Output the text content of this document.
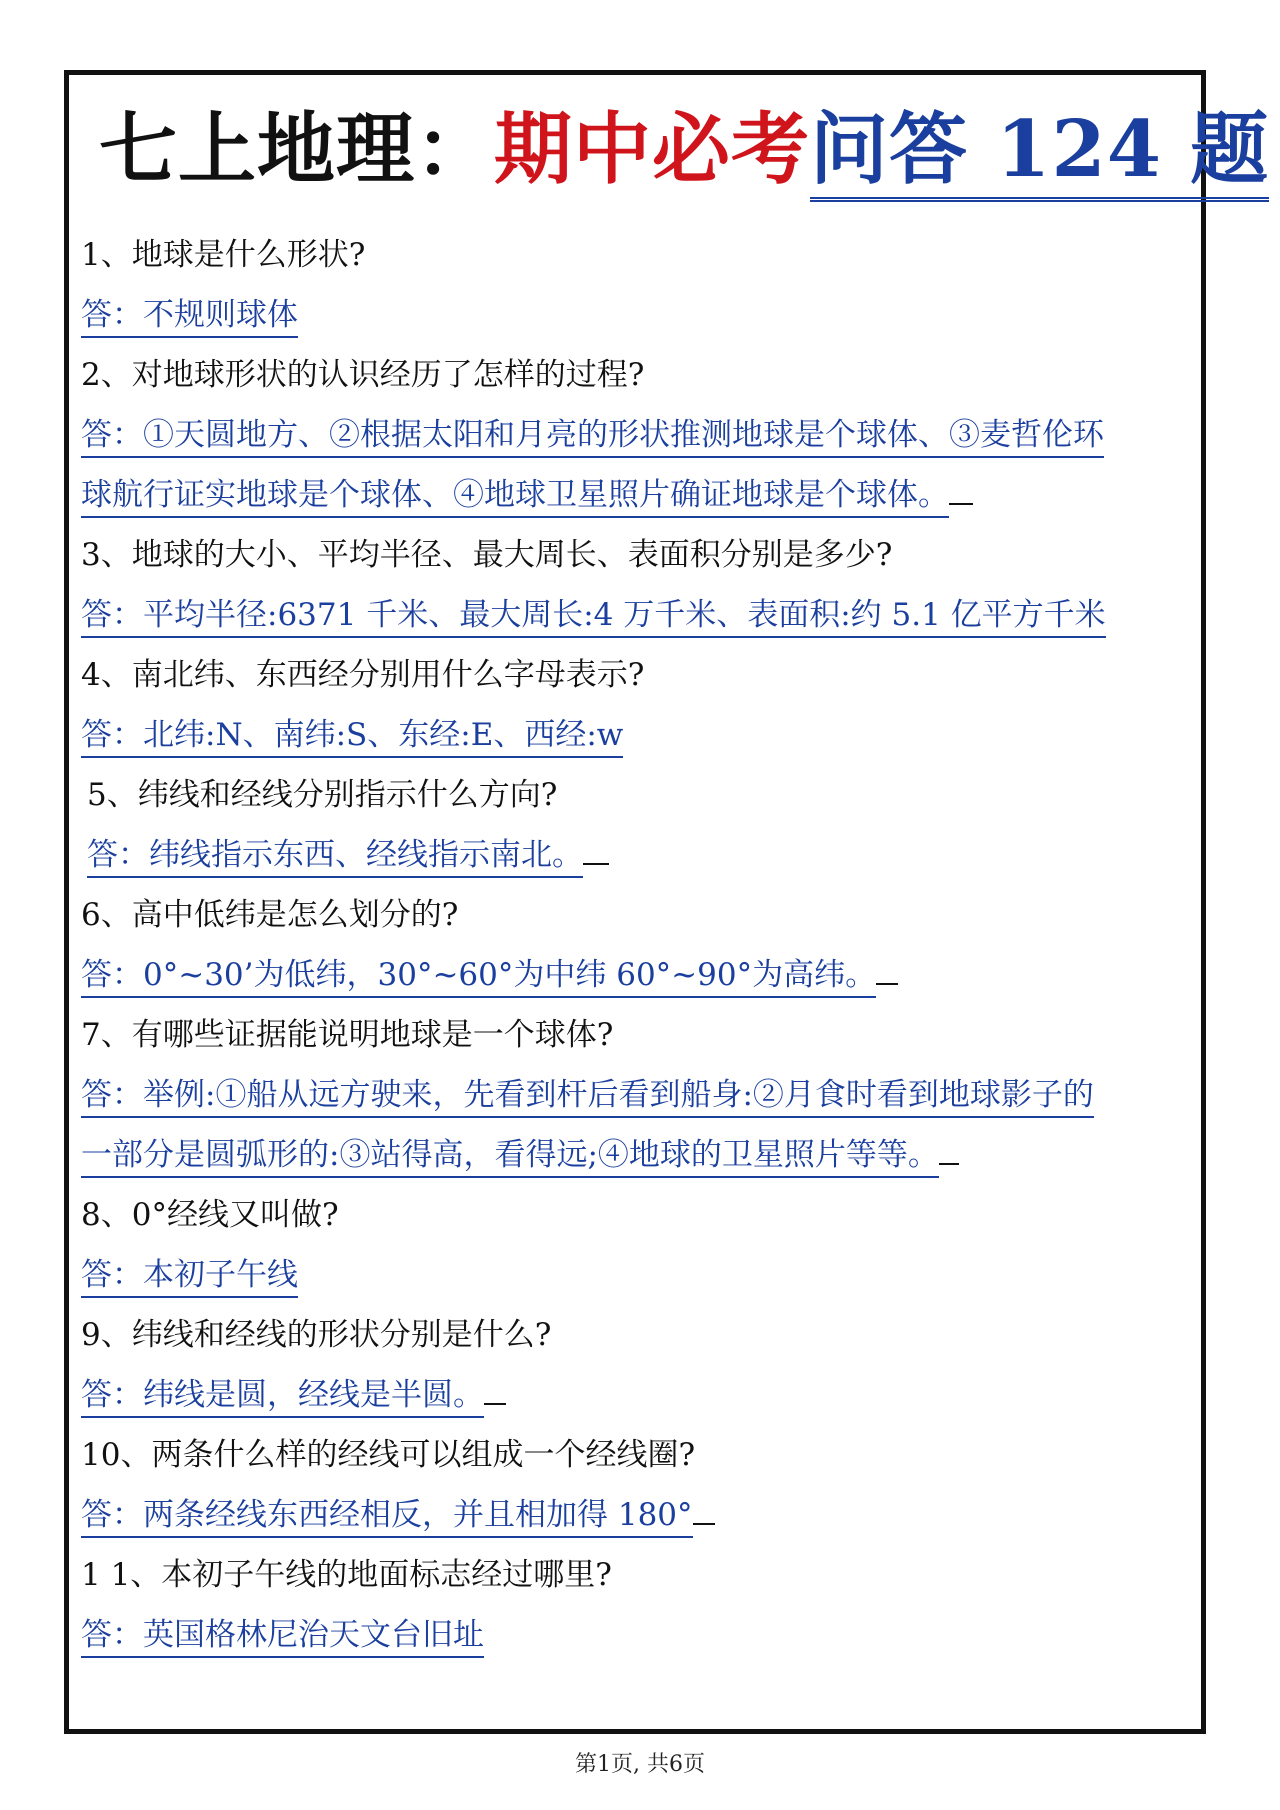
七上地理：期中必考问答 124 题
1、地球是什么形状?
答：不规则球体
2、对地球形状的认识经历了怎样的过程?
答：①天圆地方、②根据太阳和月亮的形状推测地球是个球体、③麦哲伦环
球航行证实地球是个球体、④地球卫星照片确证地球是个球体。
3、地球的大小、平均半径、最大周长、表面积分别是多少?
答：平均半径:6371 千米、最大周长:4 万千米、表面积:约 5.1 亿平方千米
4、南北纬、东西经分别用什么字母表示?
答：北纬:N、南纬:S、东经:E、西经:w
5、纬线和经线分别指示什么方向?
答：纬线指示东西、经线指示南北。
6、高中低纬是怎么划分的?
答：0°~30’为低纬，30°~60°为中纬 60°~90°为高纬。
7、有哪些证据能说明地球是一个球体?
答：举例:①船从远方驶来，先看到杆后看到船身:②月食时看到地球影子的
一部分是圆弧形的:③站得高，看得远;④地球的卫星照片等等。
8、0°经线又叫做?
答：本初子午线
9、纬线和经线的形状分别是什么?
答：纬线是圆，经线是半圆。
10、两条什么样的经线可以组成一个经线圈?
答：两条经线东西经相反，并且相加得 180°
1 1、本初子午线的地面标志经过哪里?
答：英国格林尼治天文台旧址
第1页, 共6页
